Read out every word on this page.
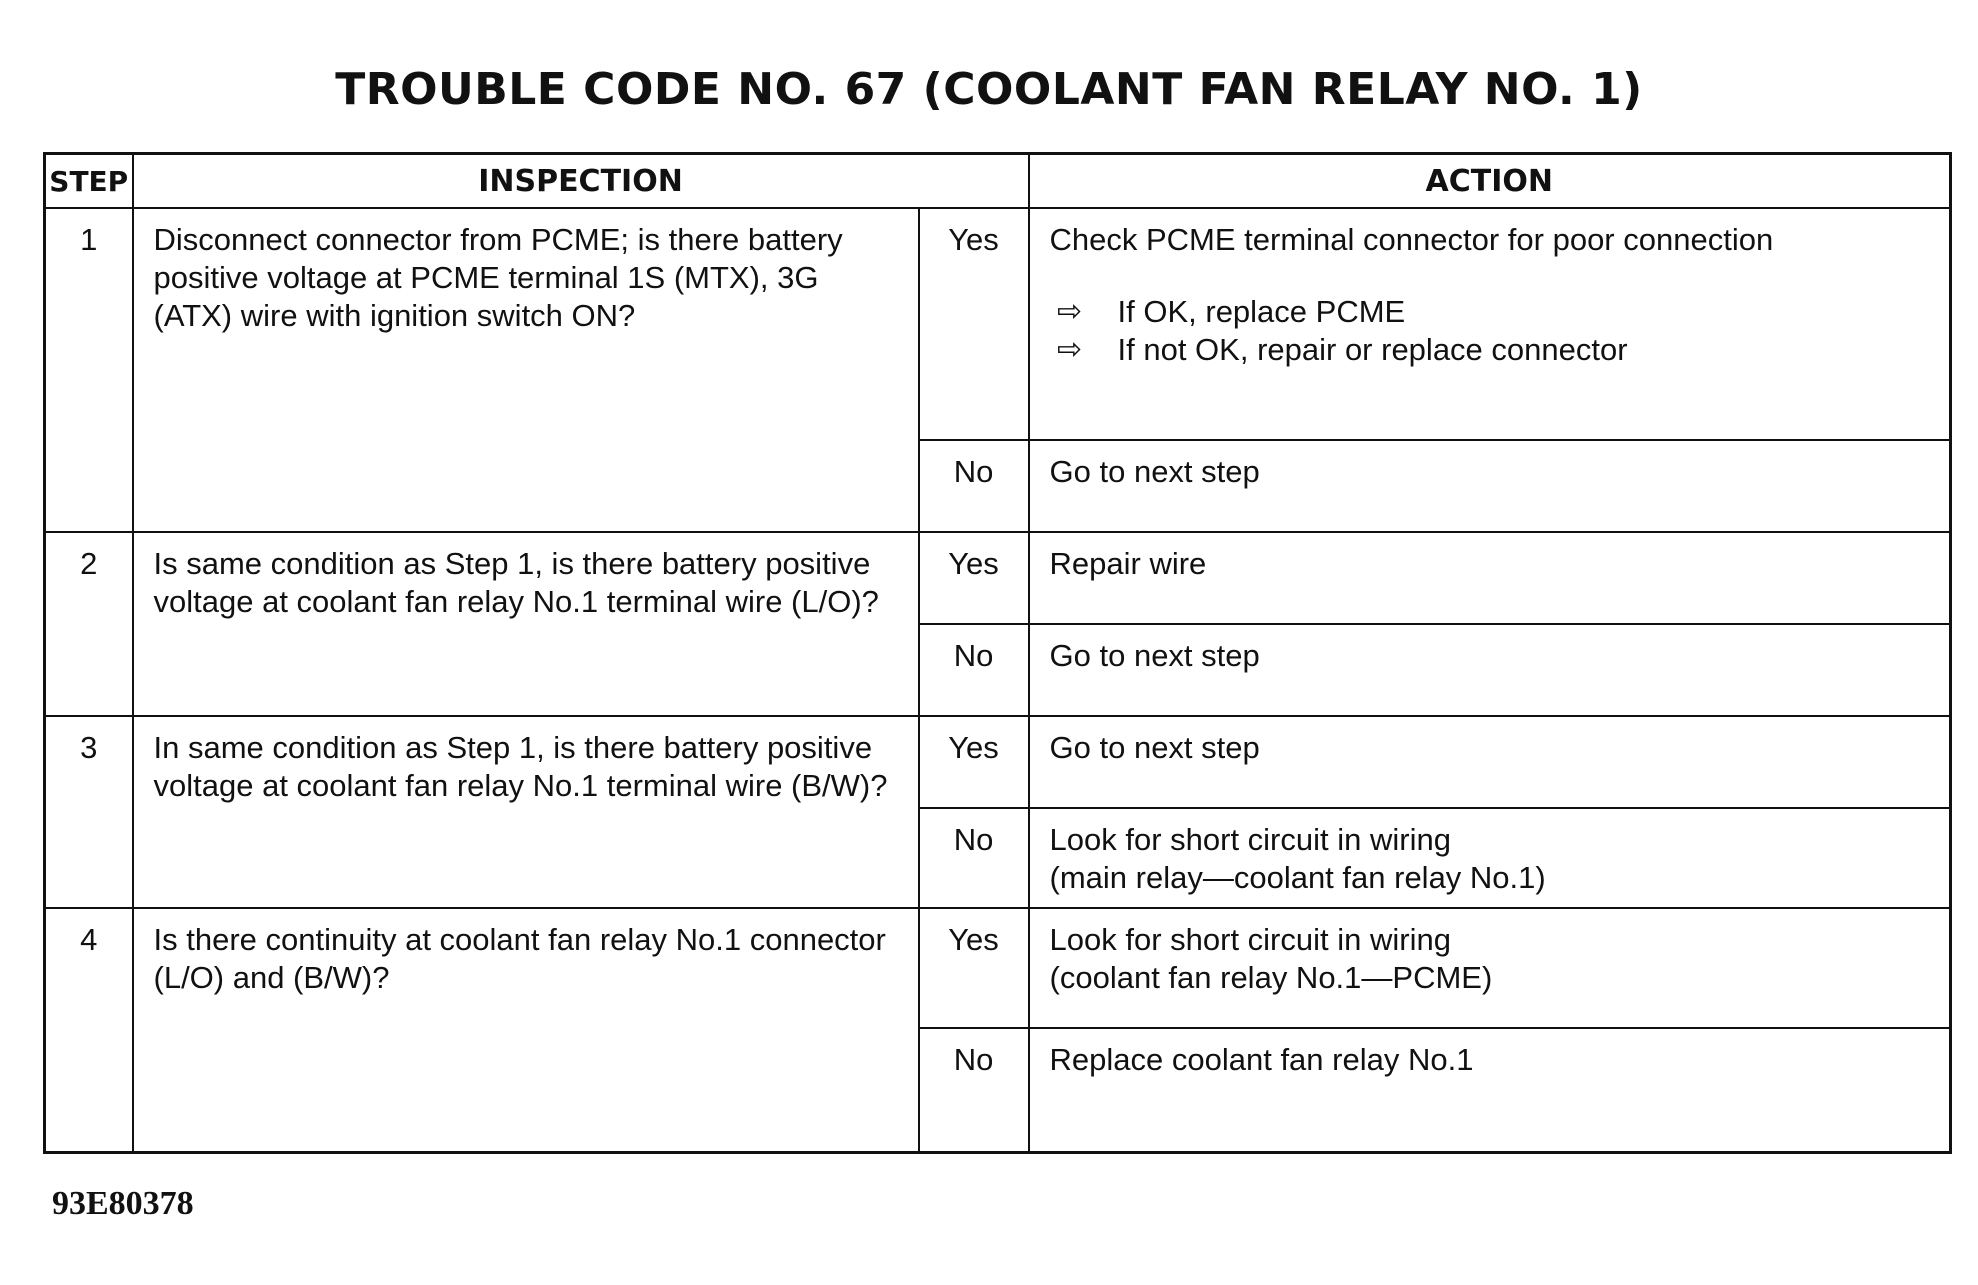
TROUBLE CODE NO. 67 (COOLANT FAN RELAY NO. 1)
STEP	INSPECTION		ACTION
1	Disconnect connector from PCME; is there battery positive voltage at PCME terminal 1S (MTX), 3G (ATX) wire with ignition switch ON?	Yes	Check PCME terminal connector for poor connection
⇨ If OK, replace PCME
⇨ If not OK, repair or replace connector

		No	Go to next step
2	Is same condition as Step 1, is there battery positive voltage at coolant fan relay No.1 terminal wire (L/O)?	Yes	Repair wire
		No	Go to next step
3	In same condition as Step 1, is there battery positive voltage at coolant fan relay No.1 terminal wire (B/W)?	Yes	Go to next step
		No	Look for short circuit in wiring
(main relay—coolant fan relay No.1)

4	Is there continuity at coolant fan relay No.1 connector (L/O) and (B/W)?	Yes	Look for short circuit in wiring
(coolant fan relay No.1—PCME)

		No	Replace coolant fan relay No.1
93E80378
